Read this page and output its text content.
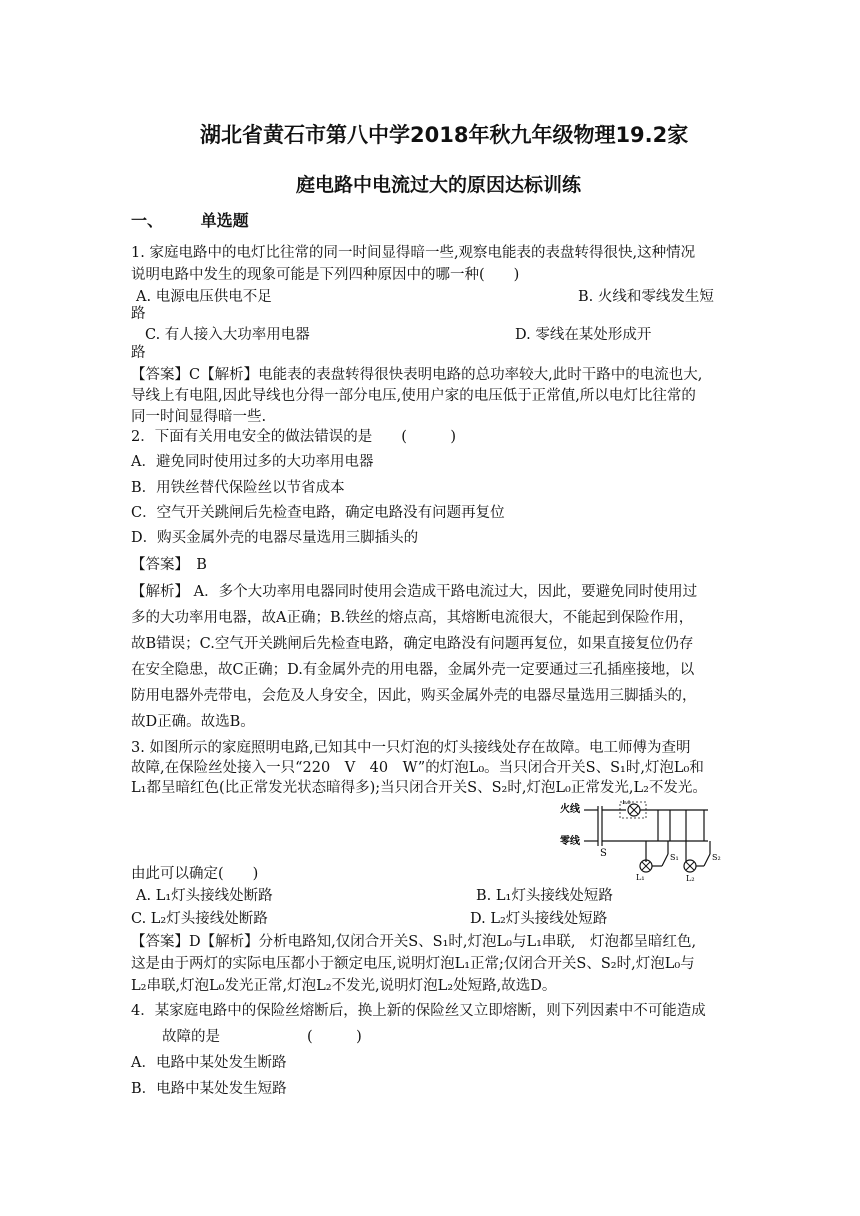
湖北省黄石市第八中学2018年秋九年级物理19.2家
庭电路中电流过大的原因达标训练
一、 单选题
1. 家庭电路中的电灯比往常的同一时间显得暗一些,观察电能表的表盘转得很快,这种情况
说明电路中发生的现象可能是下列四种原因中的哪一种(　　)
A. 电源电压供电不足	B. 火线和零线发生短
路
C. 有人接入大功率用电器	D. 零线在某处形成开
路
【答案】C【解析】电能表的表盘转得很快表明电路的总功率较大,此时干路中的电流也大,
导线上有电阻,因此导线也分得一部分电压,使用户家的电压低于正常值,所以电灯比往常的
同一时间显得暗一些.
2．下面有关用电安全的做法错误的是　　(　　　)
A．避免同时使用过多的大功率用电器
B．用铁丝替代保险丝以节省成本
C．空气开关跳闸后先检查电路，确定电路没有问题再复位
D．购买金属外壳的电器尽量选用三脚插头的
【答案】　B
【解析】 A．多个大功率用电器同时使用会造成干路电流过大，因此，要避免同时使用过
多的大功率用电器，故A正确；B.铁丝的熔点高，其熔断电流很大，不能起到保险作用，
故B错误；C.空气开关跳闸后先检查电路，确定电路没有问题再复位，如果直接复位仍存
在安全隐患，故C正确；D.有金属外壳的用电器，金属外壳一定要通过三孔插座接地，以
防用电器外壳带电，会危及人身安全，因此，购买金属外壳的电器尽量选用三脚插头的，
故D正确。故选B。
3. 如图所示的家庭照明电路,已知其中一只灯泡的灯头接线处存在故障。电工师傅为查明
故障,在保险丝处接入一只“220　V　40　W”的灯泡L₀。当只闭合开关S、S₁时,灯泡L₀和
L₁都呈暗红色(比正常发光状态暗得多);当只闭合开关S、S₂时,灯泡L₀正常发光,L₂不发光。
火线
零线
S
L₀
L₁
S₁
L₂
S₂
由此可以确定(　　)
A. L₁灯头接线处断路	B. L₁灯头接线处短路
C. L₂灯头接线处断路	D. L₂灯头接线处短路
【答案】D【解析】分析电路知,仅闭合开关S、S₁时,灯泡L₀与L₁串联,　灯泡都呈暗红色,
这是由于两灯的实际电压都小于额定电压,说明灯泡L₁正常;仅闭合开关S、S₂时,灯泡L₀与
L₂串联,灯泡L₀发光正常,灯泡L₂不发光,说明灯泡L₂处短路,故选D。
4．某家庭电路中的保险丝熔断后，换上新的保险丝又立即熔断，则下列因素中不可能造成
故障的是　　　　　　(　　　)
A．电路中某处发生断路
B．电路中某处发生短路
